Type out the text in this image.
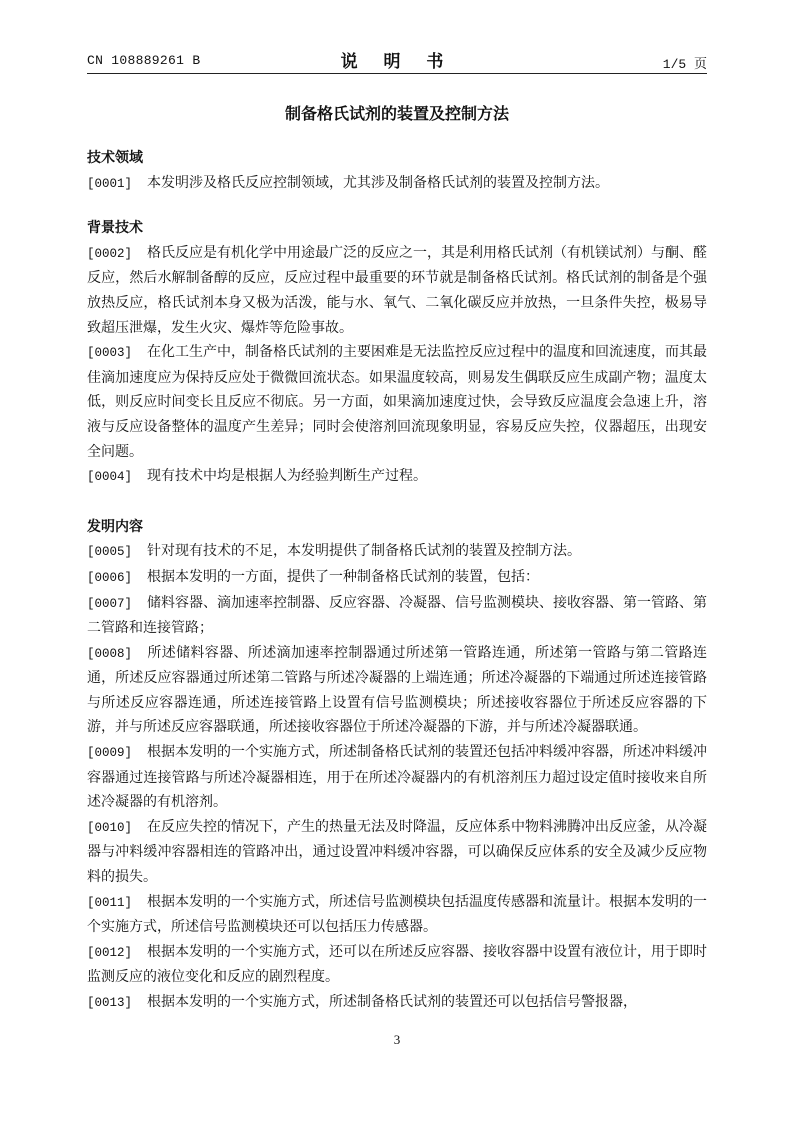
CN 108889261 B	说 明 书	1/5 页
制备格氏试剂的装置及控制方法

技术领域

[0001] 本发明涉及格氏反应控制领域，尤其涉及制备格氏试剂的装置及控制方法。

背景技术

[0002] 格氏反应是有机化学中用途最广泛的反应之一，其是利用格氏试剂（有机镁试剂）与酮、醛反应，然后水解制备醇的反应，反应过程中最重要的环节就是制备格氏试剂。格氏试剂的制备是个强放热反应，格氏试剂本身又极为活泼，能与水、氧气、二氧化碳反应并放热，一旦条件失控，极易导致超压泄爆，发生火灾、爆炸等危险事故。

[0003] 在化工生产中，制备格氏试剂的主要困难是无法监控反应过程中的温度和回流速度，而其最佳滴加速度应为保持反应处于微微回流状态。如果温度较高，则易发生偶联反应生成副产物；温度太低，则反应时间变长且反应不彻底。另一方面，如果滴加速度过快，会导致反应温度会急速上升，溶液与反应设备整体的温度产生差异；同时会使溶剂回流现象明显，容易反应失控，仪器超压，出现安全问题。

[0004] 现有技术中均是根据人为经验判断生产过程。

发明内容

[0005] 针对现有技术的不足，本发明提供了制备格氏试剂的装置及控制方法。

[0006] 根据本发明的一方面，提供了一种制备格氏试剂的装置，包括：

[0007] 储料容器、滴加速率控制器、反应容器、冷凝器、信号监测模块、接收容器、第一管路、第二管路和连接管路；

[0008] 所述储料容器、所述滴加速率控制器通过所述第一管路连通，所述第一管路与第二管路连通，所述反应容器通过所述第二管路与所述冷凝器的上端连通；所述冷凝器的下端通过所述连接管路与所述反应容器连通，所述连接管路上设置有信号监测模块；所述接收容器位于所述反应容器的下游，并与所述反应容器联通，所述接收容器位于所述冷凝器的下游，并与所述冷凝器联通。

[0009] 根据本发明的一个实施方式，所述制备格氏试剂的装置还包括冲料缓冲容器，所述冲料缓冲容器通过连接管路与所述冷凝器相连，用于在所述冷凝器内的有机溶剂压力超过设定值时接收来自所述冷凝器的有机溶剂。

[0010] 在反应失控的情况下，产生的热量无法及时降温，反应体系中物料沸腾冲出反应釜，从冷凝器与冲料缓冲容器相连的管路冲出，通过设置冲料缓冲容器，可以确保反应体系的安全及减少反应物料的损失。

[0011] 根据本发明的一个实施方式，所述信号监测模块包括温度传感器和流量计。根据本发明的一个实施方式，所述信号监测模块还可以包括压力传感器。

[0012] 根据本发明的一个实施方式，还可以在所述反应容器、接收容器中设置有液位计，用于即时监测反应的液位变化和反应的剧烈程度。

[0013] 根据本发明的一个实施方式，所述制备格氏试剂的装置还可以包括信号警报器，

3
